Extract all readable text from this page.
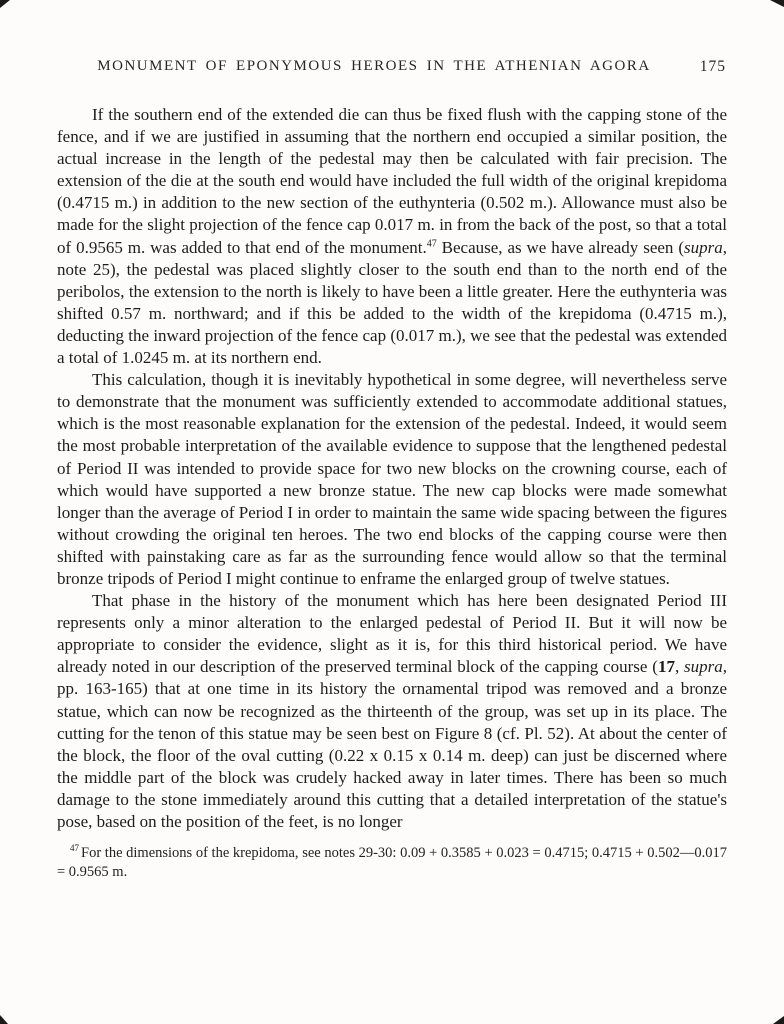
MONUMENT OF EPONYMOUS HEROES IN THE ATHENIAN AGORA	175

If the southern end of the extended die can thus be fixed flush with the capping stone of the fence, and if we are justified in assuming that the northern end occupied a similar position, the actual increase in the length of the pedestal may then be calculated with fair precision. The extension of the die at the south end would have included the full width of the original krepidoma (0.4715 m.) in addition to the new section of the euthynteria (0.502 m.). Allowance must also be made for the slight projection of the fence cap 0.017 m. in from the back of the post, so that a total of 0.9565 m. was added to that end of the monument.$^{47}$ Because, as we have already seen (supra, note 25), the pedestal was placed slightly closer to the south end than to the north end of the peribolos, the extension to the north is likely to have been a little greater. Here the euthynteria was shifted 0.57 m. northward; and if this be added to the width of the krepidoma (0.4715 m.), deducting the inward projection of the fence cap (0.017 m.), we see that the pedestal was extended a total of 1.0245 m. at its northern end.

This calculation, though it is inevitably hypothetical in some degree, will nevertheless serve to demonstrate that the monument was sufficiently extended to accommodate additional statues, which is the most reasonable explanation for the extension of the pedestal. Indeed, it would seem the most probable interpretation of the available evidence to suppose that the lengthened pedestal of Period II was intended to provide space for two new blocks on the crowning course, each of which would have supported a new bronze statue. The new cap blocks were made somewhat longer than the average of Period I in order to maintain the same wide spacing between the figures without crowding the original ten heroes. The two end blocks of the capping course were then shifted with painstaking care as far as the surrounding fence would allow so that the terminal bronze tripods of Period I might continue to enframe the enlarged group of twelve statues.

That phase in the history of the monument which has here been designated Period III represents only a minor alteration to the enlarged pedestal of Period II. But it will now be appropriate to consider the evidence, slight as it is, for this third historical period. We have already noted in our description of the preserved terminal block of the capping course (17, supra, pp. 163-165) that at one time in its history the ornamental tripod was removed and a bronze statue, which can now be recognized as the thirteenth of the group, was set up in its place. The cutting for the tenon of this statue may be seen best on Figure 8 (cf. Pl. 52). At about the center of the block, the floor of the oval cutting (0.22 x 0.15 x 0.14 m. deep) can just be discerned where the middle part of the block was crudely hacked away in later times. There has been so much damage to the stone immediately around this cutting that a detailed interpretation of the statue's pose, based on the position of the feet, is no longer

$^{47}$ For the dimensions of the krepidoma, see notes 29-30: 0.09 + 0.3585 + 0.023 = 0.4715; 0.4715 + 0.502—0.017 = 0.9565 m.
